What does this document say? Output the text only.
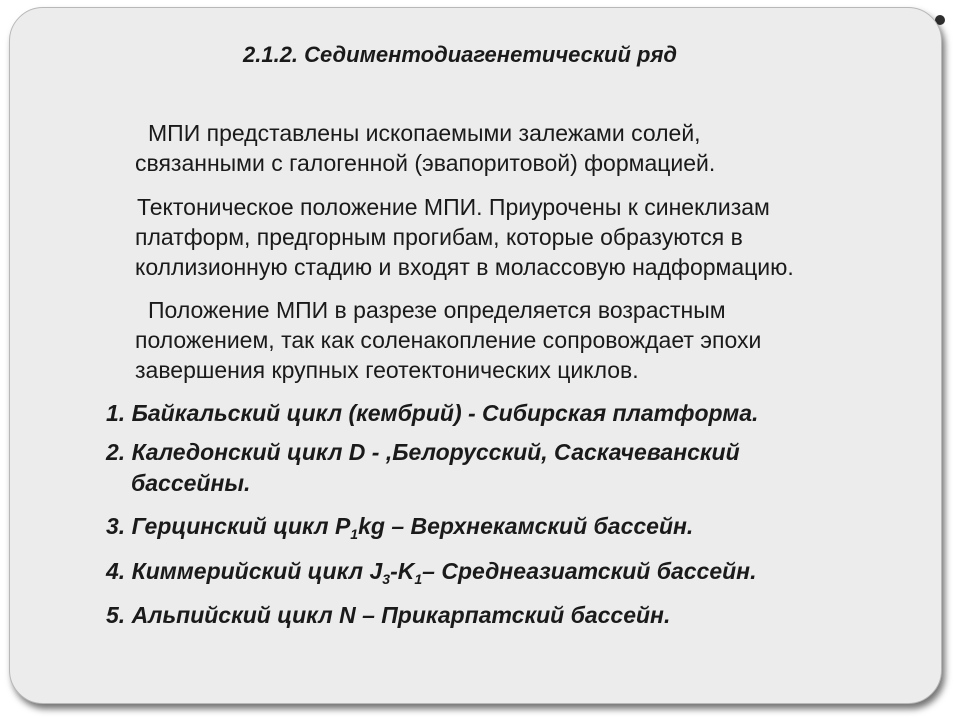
2.1.2. Седиментодиагенетический ряд

МПИ представлены ископаемыми залежами солей,
связанными с галогенной (эвапоритовой) формацией.

Тектоническое положение МПИ. Приурочены к синеклизам
платформ, предгорным прогибам, которые образуются в
коллизионную стадию и входят в молассовую надформацию.

Положение МПИ в разрезе определяется возрастным
положением, так как соленакопление сопровождает эпохи
завершения крупных геотектонических циклов.

1. Байкальский цикл (кембрий) - Сибирская платформа.

2. Каледонский цикл D - ,Белорусский, Саскачеванский
бассейны.

3. Герцинский цикл $P_1kg$ – Верхнекамский бассейн.

4. Киммерийский цикл $J_3-K_1-$ Среднеазиатский бассейн.

5. Альпийский цикл N – Прикарпатский бассейн.
